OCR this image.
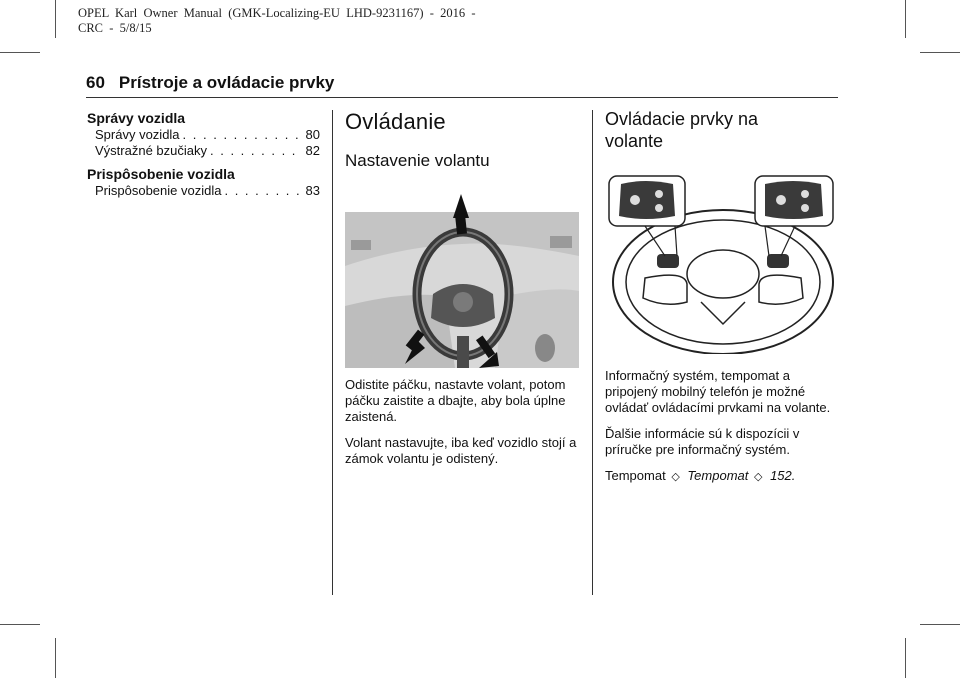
OPEL  Karl  Owner  Manual  (GMK-Localizing-EU  LHD-9231167)  -  2016  -
CRC  -  5/8/15
60 Prístroje a ovládacie prvky
Správy vozidla
Správy vozidla . . .	80
Výstražné bzučiaky . . .	82
Prispôsobenie vozidla
Prispôsobenie vozidla . . .	83
Ovládanie
Nastavenie volantu

Odistite páčku, nastavte volant, potom páčku zaistite a dbajte, aby bola úplne zaistená.

Volant nastavujte, iba keď vozidlo stojí a zámok volantu je odistený.

Ovládacie prvky na
volante

Informačný systém, tempomat a pripojený mobilný telefón je možné ovládať ovládacími prvkami na volante.

Ďalšie informácie sú k dispozícii v príručke pre informačný systém.

Tempomat ◇ Tempomat ◇ 152.
